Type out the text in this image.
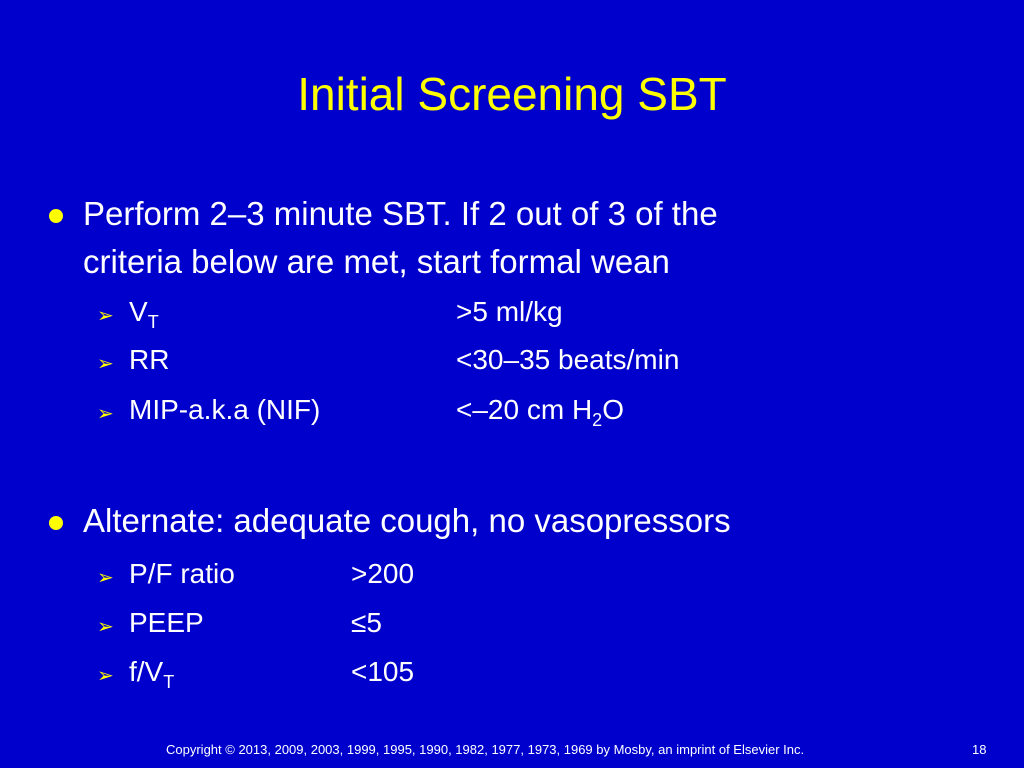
Initial Screening SBT
Perform 2–3 minute SBT. If 2 out of 3 of the
criteria below are met, start formal wean
➢ $V_T$	>5 ml/kg
➢ RR	<30–35 beats/min
➢ MIP-a.k.a (NIF)	<–20 cm $H_2O$
Alternate: adequate cough, no vasopressors
➢ P/F ratio	>200
➢ PEEP	≤5
➢ $f/V_T$	<105
Copyright © 2013, 2009, 2003, 1999, 1995, 1990, 1982, 1977, 1973, 1969 by Mosby, an imprint of Elsevier Inc.	18
